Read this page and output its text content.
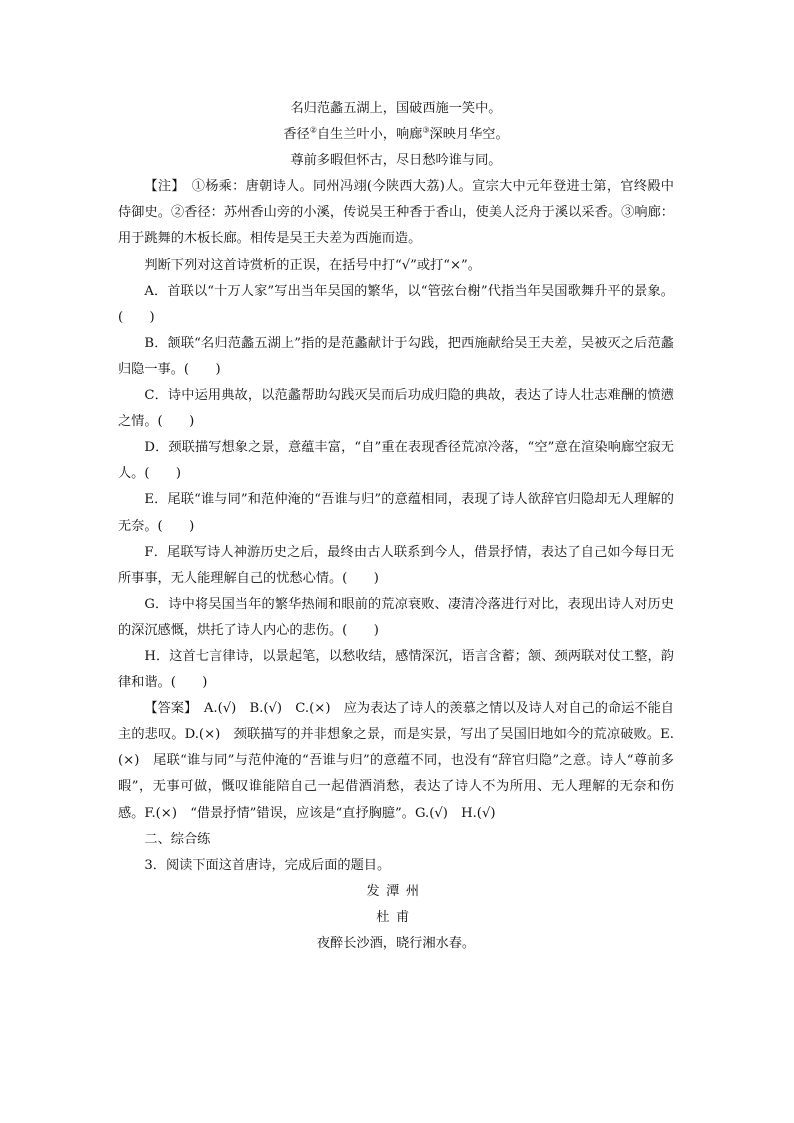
名归范蠡五湖上，国破西施一笑中。

香径②自生兰叶小，响廊③深映月华空。

尊前多暇但怀古，尽日愁吟谁与同。

【注】　①杨乘：唐朝诗人。同州冯翊(今陕西大荔)人。宣宗大中元年登进士第，官终殿中侍御史。②香径：苏州香山旁的小溪，传说吴王种香于香山，使美人泛舟于溪以采香。③响廊：用于跳舞的木板长廊。相传是吴王夫差为西施而造。

判断下列对这首诗赏析的正误，在括号中打“√”或打“×”。

A．首联以“十万人家”写出当年吴国的繁华，以“管弦台榭”代指当年吴国歌舞升平的景象。(　　)

B．颔联“名归范蠡五湖上”指的是范蠡献计于勾践，把西施献给吴王夫差，吴被灭之后范蠡归隐一事。(　　)

C．诗中运用典故，以范蠡帮助勾践灭吴而后功成归隐的典故，表达了诗人壮志难酬的愤懑之情。(　　)

D．颈联描写想象之景，意蕴丰富，“自”重在表现香径荒凉冷落，“空”意在渲染响廊空寂无人。(　　)

E．尾联“谁与同”和范仲淹的“吾谁与归”的意蕴相同，表现了诗人欲辞官归隐却无人理解的无奈。(　　)

F．尾联写诗人神游历史之后，最终由古人联系到今人，借景抒情，表达了自己如今每日无所事事，无人能理解自己的忧愁心情。(　　)

G．诗中将吴国当年的繁华热闹和眼前的荒凉衰败、凄清冷落进行对比，表现出诗人对历史的深沉感慨，烘托了诗人内心的悲伤。(　　)

H．这首七言律诗，以景起笔，以愁收结，感情深沉，语言含蓄；颔、颈两联对仗工整，韵律和谐。(　　)

【答案】　A.(√)　B.(√)　C.(×)　应为表达了诗人的羡慕之情以及诗人对自己的命运不能自主的悲叹。D.(×)　颈联描写的并非想象之景，而是实景，写出了吴国旧地如今的荒凉破败。E.(×)　尾联“谁与同”与范仲淹的“吾谁与归”的意蕴不同，也没有“辞官归隐”之意。诗人“尊前多暇”，无事可做，慨叹谁能陪自己一起借酒消愁，表达了诗人不为所用、无人理解的无奈和伤感。F.(×)　“借景抒情”错误，应该是“直抒胸臆”。G.(√)　H.(√)

二、综合练

3．阅读下面这首唐诗，完成后面的题目。

发潭州

杜甫

夜醉长沙酒，晓行湘水春。
